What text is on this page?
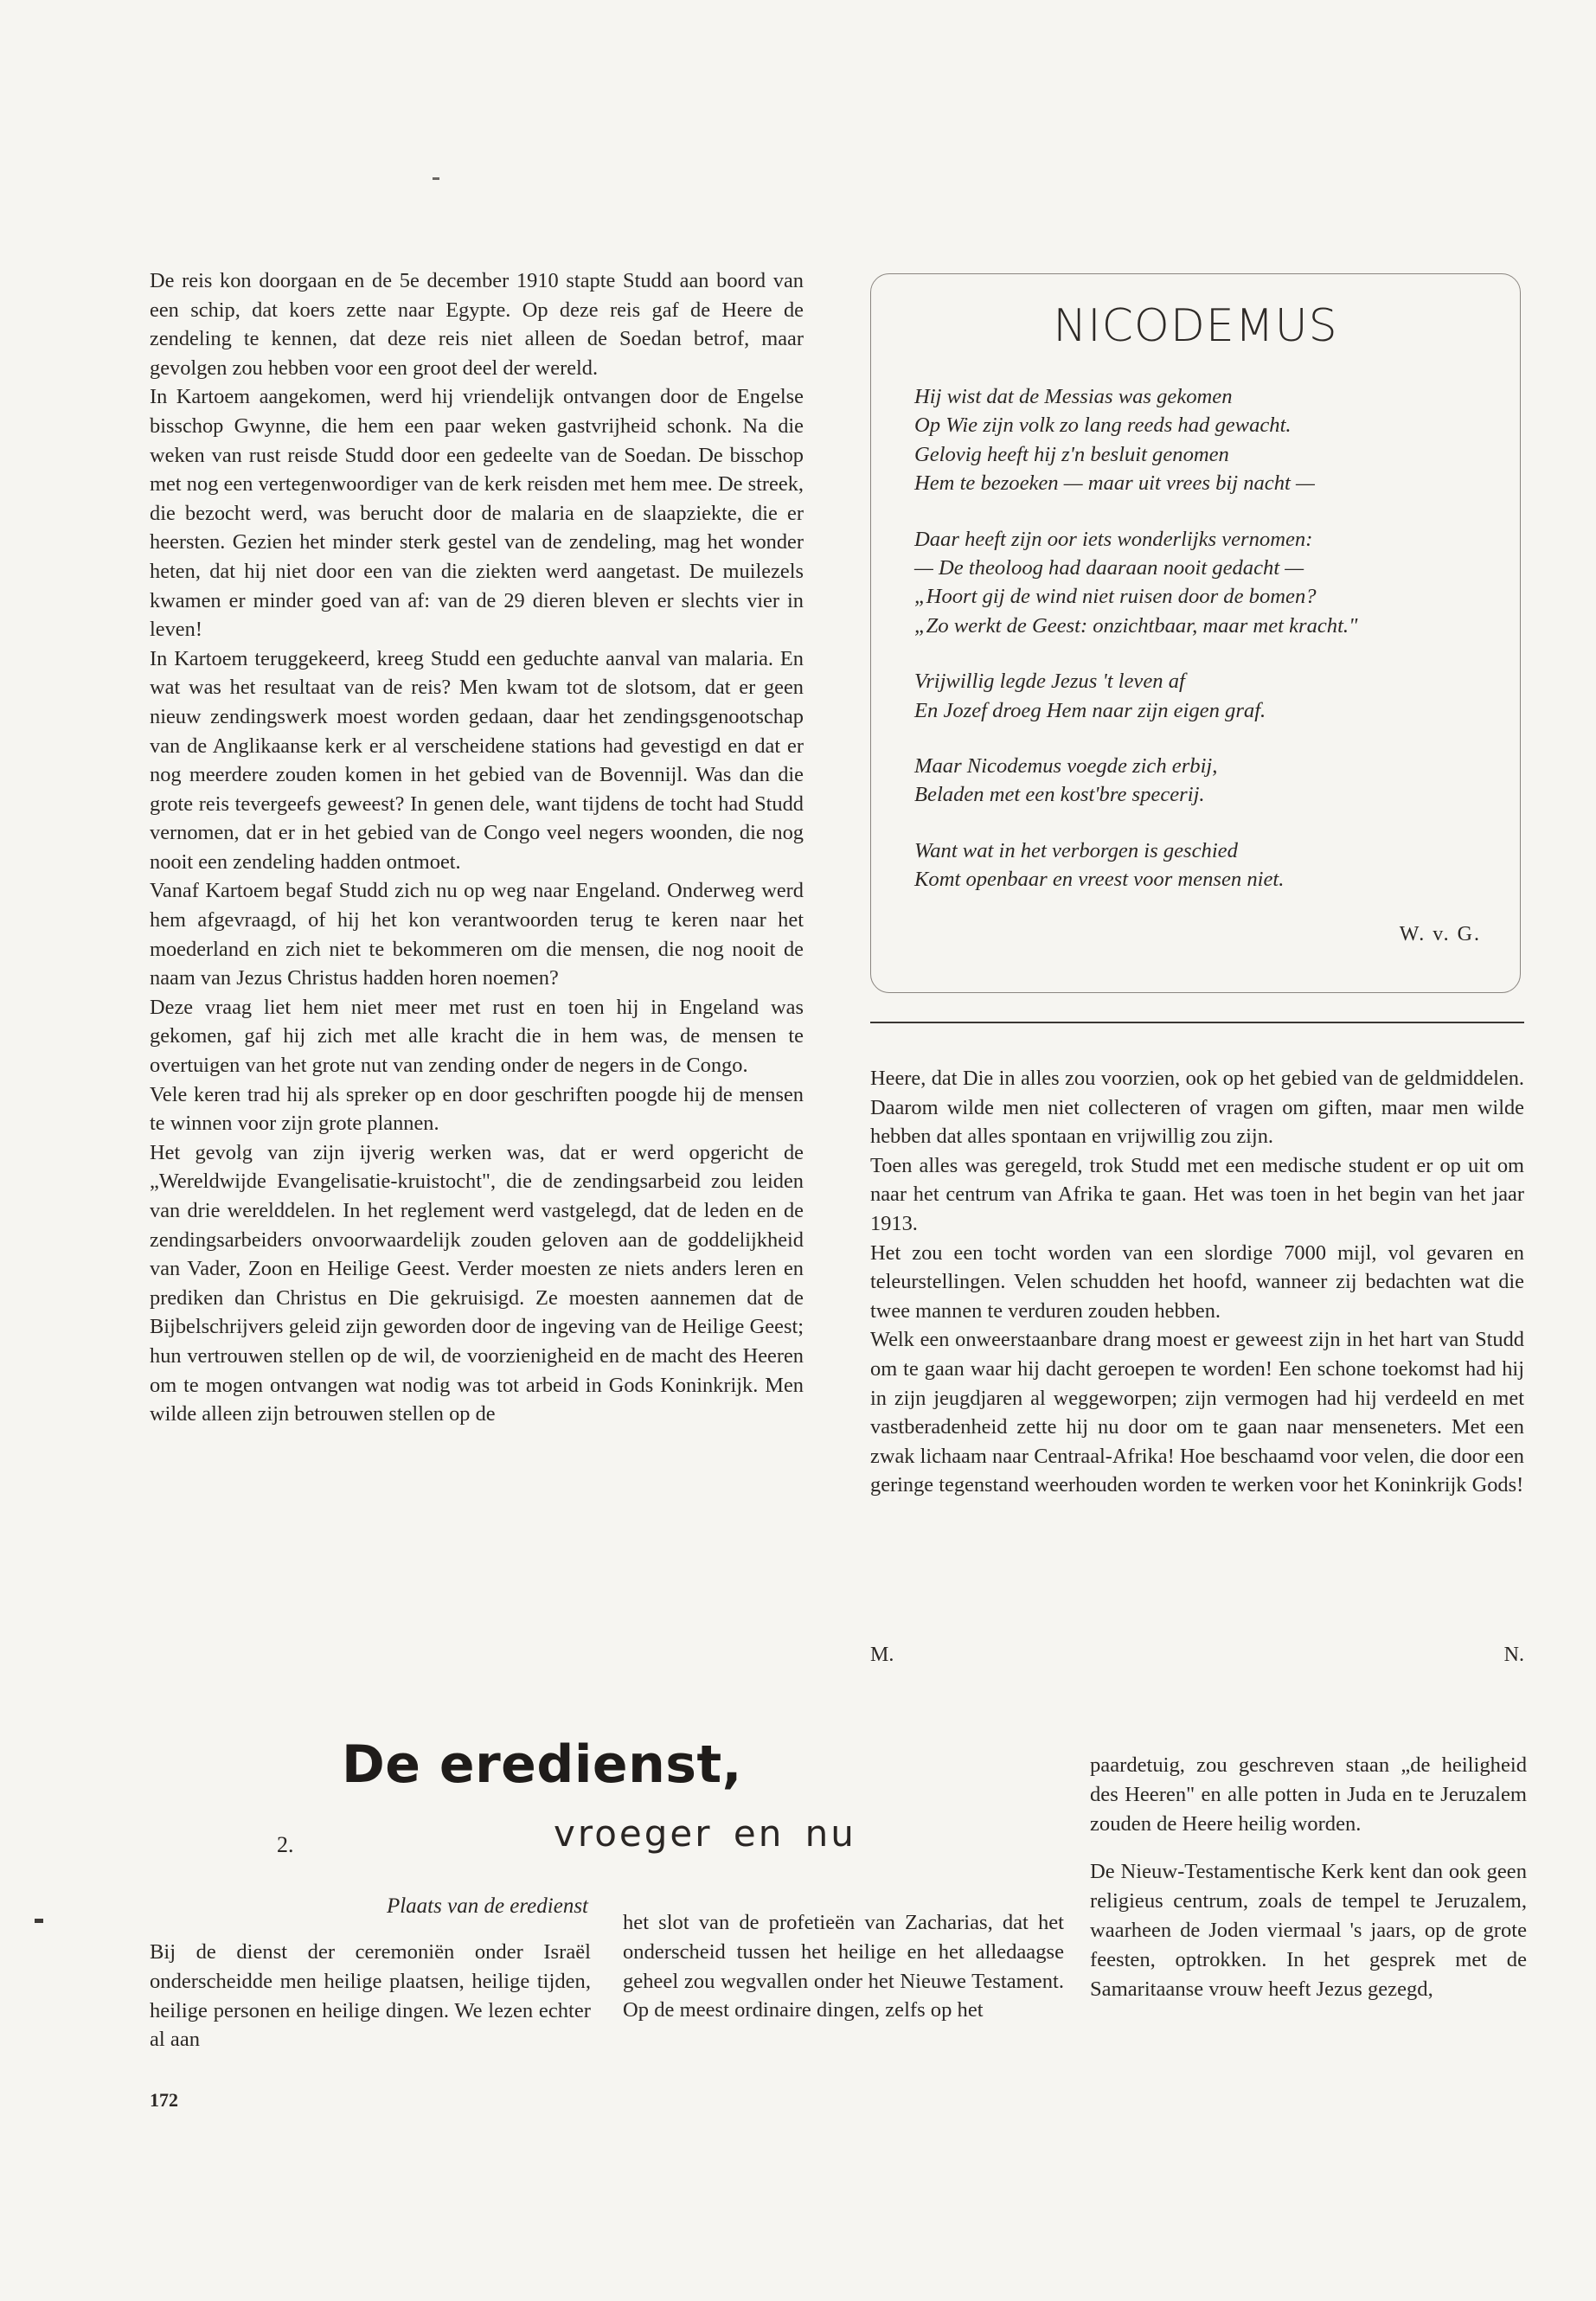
De reis kon doorgaan en de 5e december 1910 stapte Studd aan boord van een schip, dat koers zette naar Egypte. Op deze reis gaf de Heere de zendeling te kennen, dat deze reis niet alleen de Soedan betrof, maar gevolgen zou hebben voor een groot deel der wereld.

In Kartoem aangekomen, werd hij vriendelijk ontvangen door de Engelse bisschop Gwynne, die hem een paar weken gastvrijheid schonk. Na die weken van rust reisde Studd door een gedeelte van de Soedan. De bisschop met nog een vertegenwoordiger van de kerk reisden met hem mee. De streek, die bezocht werd, was berucht door de malaria en de slaapziekte, die er heersten. Gezien het minder sterk gestel van de zendeling, mag het wonder heten, dat hij niet door een van die ziekten werd aangetast. De muilezels kwamen er minder goed van af: van de 29 dieren bleven er slechts vier in leven!

In Kartoem teruggekeerd, kreeg Studd een geduchte aanval van malaria. En wat was het resultaat van de reis? Men kwam tot de slotsom, dat er geen nieuw zendingswerk moest worden gedaan, daar het zendingsgenootschap van de Anglikaanse kerk er al verscheidene stations had gevestigd en dat er nog meerdere zouden komen in het gebied van de Bovennijl. Was dan die grote reis tevergeefs geweest? In genen dele, want tijdens de tocht had Studd vernomen, dat er in het gebied van de Congo veel negers woonden, die nog nooit een zendeling hadden ontmoet.

Vanaf Kartoem begaf Studd zich nu op weg naar Engeland. Onderweg werd hem afgevraagd, of hij het kon verantwoorden terug te keren naar het moederland en zich niet te bekommeren om die mensen, die nog nooit de naam van Jezus Christus hadden horen noemen?

Deze vraag liet hem niet meer met rust en toen hij in Engeland was gekomen, gaf hij zich met alle kracht die in hem was, de mensen te overtuigen van het grote nut van zending onder de negers in de Congo.

Vele keren trad hij als spreker op en door geschriften poogde hij de mensen te winnen voor zijn grote plannen.

Het gevolg van zijn ijverig werken was, dat er werd opgericht de „Wereldwijde Evangelisatie-kruistocht", die de zendingsarbeid zou leiden van drie werelddelen. In het reglement werd vastgelegd, dat de leden en de zendingsarbeiders onvoorwaardelijk zouden geloven aan de goddelijkheid van Vader, Zoon en Heilige Geest. Verder moesten ze niets anders leren en prediken dan Christus en Die gekruisigd. Ze moesten aannemen dat de Bijbelschrijvers geleid zijn geworden door de ingeving van de Heilige Geest; hun vertrouwen stellen op de wil, de voorzienigheid en de macht des Heeren om te mogen ontvangen wat nodig was tot arbeid in Gods Koninkrijk. Men wilde alleen zijn betrouwen stellen op de

NICODEMUS
Hij wist dat de Messias was gekomen
Op Wie zijn volk zo lang reeds had gewacht.
Gelovig heeft hij z'n besluit genomen
Hem te bezoeken — maar uit vrees bij nacht —
Daar heeft zijn oor iets wonderlijks vernomen:
— De theoloog had daaraan nooit gedacht —
„Hoort gij de wind niet ruisen door de bomen?
„Zo werkt de Geest: onzichtbaar, maar met kracht."
Vrijwillig legde Jezus 't leven af
En Jozef droeg Hem naar zijn eigen graf.
Maar Nicodemus voegde zich erbij,
Beladen met een kost'bre specerij.
Want wat in het verborgen is geschied
Komt openbaar en vreest voor mensen niet.
W. v. G.

Heere, dat Die in alles zou voorzien, ook op het gebied van de geldmiddelen. Daarom wilde men niet collecteren of vragen om giften, maar men wilde hebben dat alles spontaan en vrijwillig zou zijn.

Toen alles was geregeld, trok Studd met een medische student er op uit om naar het centrum van Afrika te gaan. Het was toen in het begin van het jaar 1913.

Het zou een tocht worden van een slordige 7000 mijl, vol gevaren en teleurstellingen. Velen schudden het hoofd, wanneer zij bedachten wat die twee mannen te verduren zouden hebben.

Welk een onweerstaanbare drang moest er geweest zijn in het hart van Studd om te gaan waar hij dacht geroepen te worden! Een schone toekomst had hij in zijn jeugdjaren al weggeworpen; zijn vermogen had hij verdeeld en met vastberadenheid zette hij nu door om te gaan naar menseneters. Met een zwak lichaam naar Centraal-Afrika! Hoe beschaamd voor velen, die door een geringe tegenstand weerhouden worden te werken voor het Koninkrijk Gods!

M.	N.
De eredienst,
2.	vroeger en nu
Plaats van de eredienst

Bij de dienst der ceremoniën onder Israël onderscheidde men heilige plaatsen, heilige tijden, heilige personen en heilige dingen. We lezen echter al aan

het slot van de profetieën van Zacharias, dat het onderscheid tussen het heilige en het alledaagse geheel zou wegvallen onder het Nieuwe Testament. Op de meest ordinaire dingen, zelfs op het

paardetuig, zou geschreven staan „de heiligheid des Heeren" en alle potten in Juda en te Jeruzalem zouden de Heere heilig worden.

De Nieuw-Testamentische Kerk kent dan ook geen religieus centrum, zoals de tempel te Jeruzalem, waarheen de Joden viermaal 's jaars, op de grote feesten, optrokken. In het gesprek met de Samaritaanse vrouw heeft Jezus gezegd,

172
